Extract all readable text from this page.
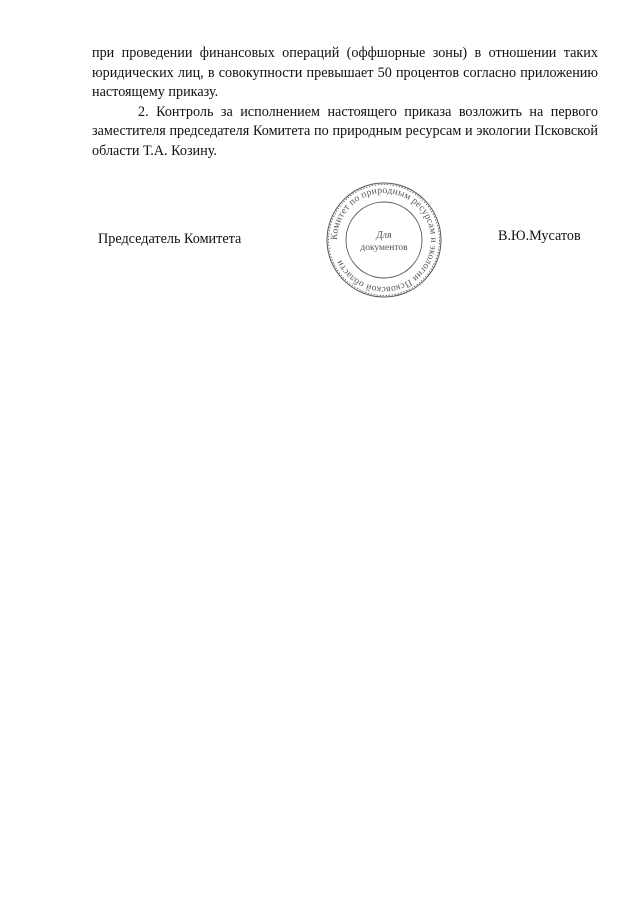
при проведении финансовых операций (оффшорные зоны) в отношении таких юридических лиц, в совокупности превышает 50 процентов согласно приложению настоящему приказу.

2. Контроль за исполнением настоящего приказа возложить на первого заместителя председателя Комитета по природным ресурсам и экологии Псковской области Т.А. Козину.

Председатель Комитета	Комитет по природным ресурсам и экологии Псковской области
Для
документов
В.Ю.Мусатов
